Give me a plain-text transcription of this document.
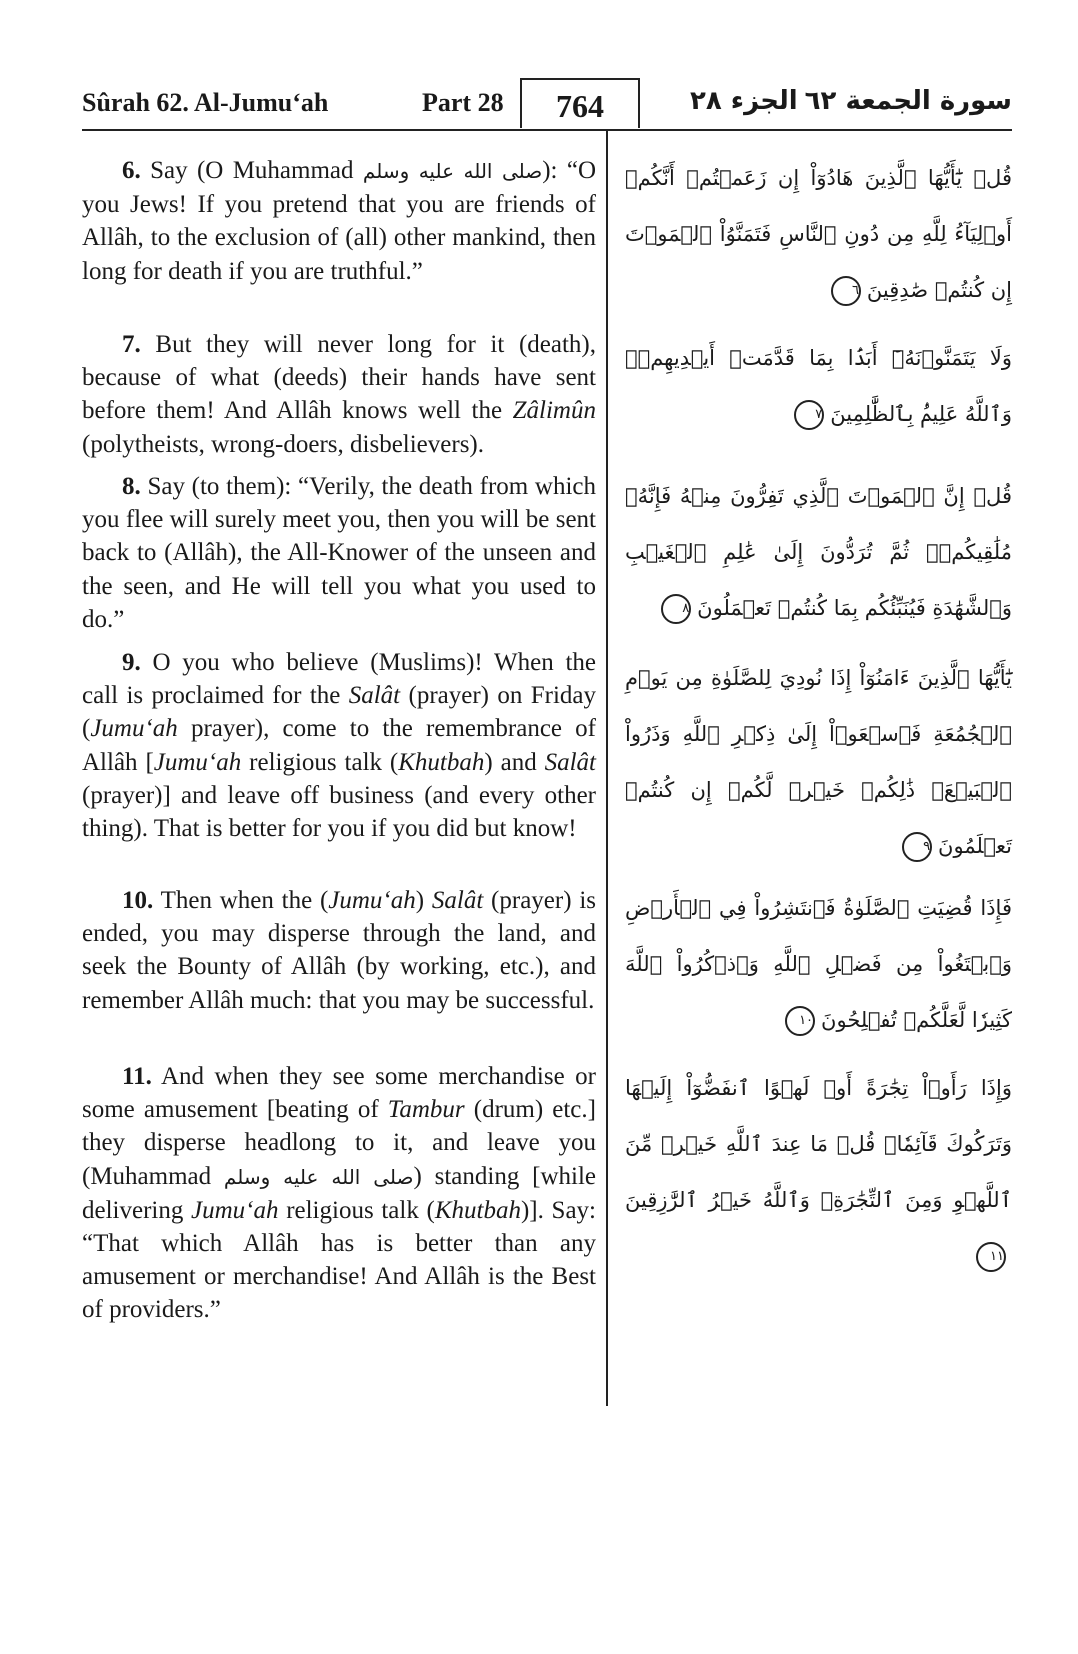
Sûrah 62. Al-Jumu‘ah	Part 28	764	الجزء ٢٨ سورة الجمعة ٦٢
6. Say (O Muhammad صلى الله عليه وسلم): “O you Jews! If you pretend that you are friends of Allâh, to the exclusion of (all) other mankind, then long for death if you are truthful.”
7. But they will never long for it (death), because of what (deeds) their hands have sent before them! And Allâh knows well the Zâlimûn (polytheists, wrong-doers, disbelievers).
8. Say (to them): “Verily, the death from which you flee will surely meet you, then you will be sent back to (Allâh), the All-Knower of the unseen and the seen, and He will tell you what you used to do.”
9. O you who believe (Muslims)! When the call is proclaimed for the Salât (prayer) on Friday (Jumu‘ah prayer), come to the remembrance of Allâh [Jumu‘ah religious talk (Khutbah) and Salât (prayer)] and leave off business (and every other thing). That is better for you if you did but know!
10. Then when the (Jumu‘ah) Salât (prayer) is ended, you may disperse through the land, and seek the Bounty of Allâh (by working, etc.), and remember Allâh much: that you may be successful.
11. And when they see some merchandise or some amusement [beating of Tambur (drum) etc.] they disperse headlong to it, and leave you (Muhammad صلى الله عليه وسلم) standing [while delivering Jumu‘ah religious talk (Khutbah)]. Say: “That which Allâh has is better than any amusement or merchandise! And Allâh is the Best of providers.”
قُلۡ يَٰٓأَيُّهَا ٱلَّذِينَ هَادُوٓاْ إِن زَعَمۡتُمۡ أَنَّكُمۡ أَوۡلِيَآءُ لِلَّهِ مِن دُونِ ٱلنَّاسِ فَتَمَنَّوُاْ ٱلۡمَوۡتَ إِن كُنتُمۡ صَٰدِقِينَ٦
وَلَا يَتَمَنَّوۡنَهُۥٓ أَبَدَۢا بِمَا قَدَّمَتۡ أَيۡدِيهِمۡۚ وَٱللَّهُ عَلِيمُۢ بِٱلظَّٰلِمِينَ٧
قُلۡ إِنَّ ٱلۡمَوۡتَ ٱلَّذِي تَفِرُّونَ مِنۡهُ فَإِنَّهُۥ مُلَٰقِيكُمۡۖ ثُمَّ تُرَدُّونَ إِلَىٰ عَٰلِمِ ٱلۡغَيۡبِ وَٱلشَّهَٰدَةِ فَيُنَبِّئُكُم بِمَا كُنتُمۡ تَعۡمَلُونَ٨
يَٰٓأَيُّهَا ٱلَّذِينَ ءَامَنُوٓاْ إِذَا نُودِيَ لِلصَّلَوٰةِ مِن يَوۡمِ ٱلۡجُمُعَةِ فَٱسۡعَوۡاْ إِلَىٰ ذِكۡرِ ٱللَّهِ وَذَرُواْ ٱلۡبَيۡعَۚ ذَٰلِكُمۡ خَيۡرٞ لَّكُمۡ إِن كُنتُمۡ تَعۡلَمُونَ٩
فَإِذَا قُضِيَتِ ٱلصَّلَوٰةُ فَٱنتَشِرُواْ فِي ٱلۡأَرۡضِ وَٱبۡتَغُواْ مِن فَضۡلِ ٱللَّهِ وَٱذۡكُرُواْ ٱللَّهَ كَثِيرٗا لَّعَلَّكُمۡ تُفۡلِحُونَ١٠
وَإِذَا رَأَوۡاْ تِجَٰرَةً أَوۡ لَهۡوًا ٱنفَضُّوٓاْ إِلَيۡهَا وَتَرَكُوكَ قَآئِمٗاۚ قُلۡ مَا عِندَ ٱللَّهِ خَيۡرٞ مِّنَ ٱللَّهۡوِ وَمِنَ ٱلتِّجَٰرَةِۚ وَٱللَّهُ خَيۡرُ ٱلرَّٰزِقِينَ١١
